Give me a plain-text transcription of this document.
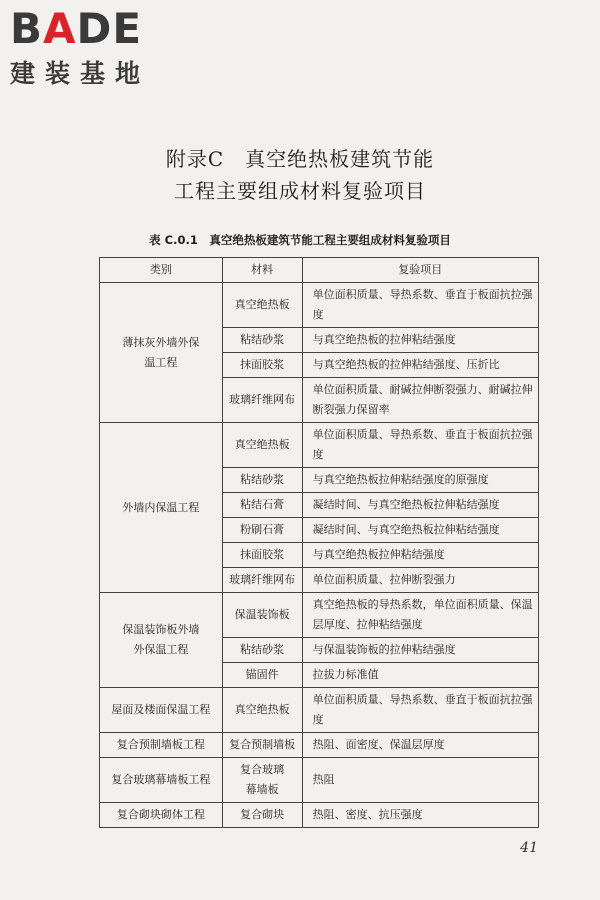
BADE
建装基地
附录C　真空绝热板建筑节能
工程主要组成材料复验项目
表 C.0.1　真空绝热板建筑节能工程主要组成材料复验项目
类别	材料	复验项目
薄抹灰外墙外保温工程	真空绝热板	单位面积质量、导热系数、垂直于板面抗拉强度
	粘结砂浆	与真空绝热板的拉伸粘结强度
	抹面胶浆	与真空绝热板的拉伸粘结强度、压折比
	玻璃纤维网布	单位面积质量、耐碱拉伸断裂强力、耐碱拉伸断裂强力保留率
外墙内保温工程	真空绝热板	单位面积质量、导热系数、垂直于板面抗拉强度
	粘结砂浆	与真空绝热板拉伸粘结强度的原强度
	粘结石膏	凝结时间、与真空绝热板拉伸粘结强度
	粉刷石膏	凝结时间、与真空绝热板拉伸粘结强度
	抹面胶浆	与真空绝热板拉伸粘结强度
	玻璃纤维网布	单位面积质量、拉伸断裂强力
保温装饰板外墙外保温工程	保温装饰板	真空绝热板的导热系数，单位面积质量、保温层厚度、拉伸粘结强度
	粘结砂浆	与保温装饰板的拉伸粘结强度
	锚固件	拉拔力标准值
屋面及楼面保温工程	真空绝热板	单位面积质量、导热系数、垂直于板面抗拉强度
复合预制墙板工程	复合预制墙板	热阻、面密度、保温层厚度
复合玻璃幕墙板工程	复合玻璃幕墙板	热阻
复合砌块砌体工程	复合砌块	热阻、密度、抗压强度
41
